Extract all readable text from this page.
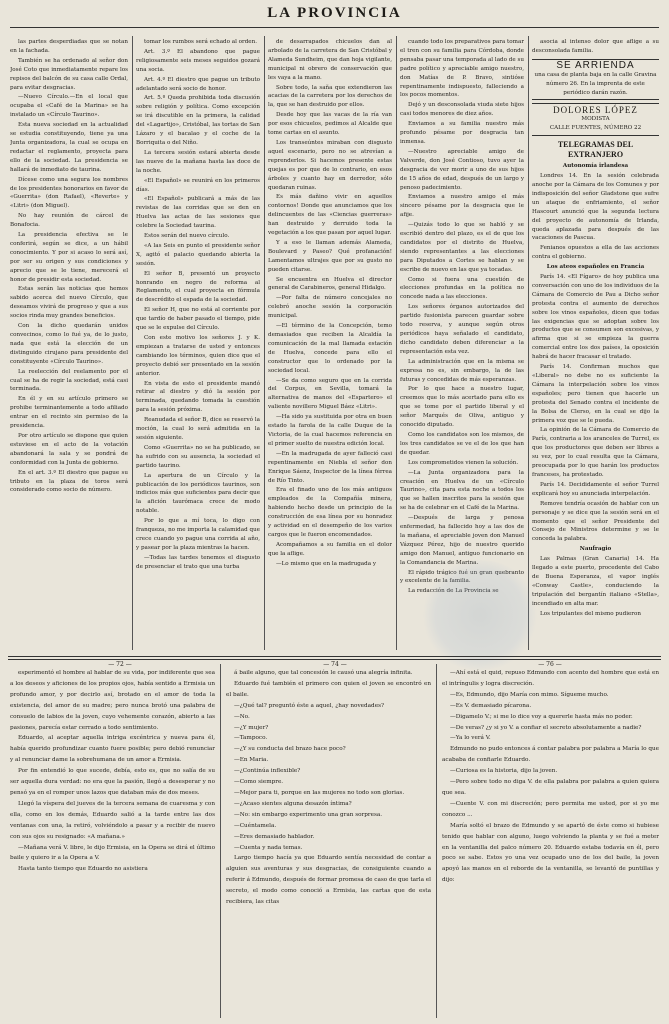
LA PROVINCIA

las partes desperdiadas que se notan en la fachada.

También se ha ordenado al señor don José Coto que inmediatamente repare los repisos del balcón de su casa calle Ordal, para evitar desgracias.

—Nuevo Círculo.—En el local que ocupaba el «Café de la Marina» se ha instalado un «Círculo Taurino».

Esta nueva sociedad en la actualidad se estudia constituyendo, tiene ya una Junta organizadora, la cual se ocupa en redactar el reglamento, proyecta para ello de la sociedad. La presidencia se hallará de inmediato de taurina.

Dícese como una segura los nombres de los presidentes honorarios en favor de «Guerrita» (don Rafael), «Reverte» y «Litri» (don Miguel).

No hay reunión de cárcel de Bonafocia.

La presidencia efectiva se le conferirá, según se dice, a un hábil conocimiento. Y por si acaso lo será así, por ser su origen y sus condiciones y aprecio que se le tiene, merecerá el honor de presidir esta sociedad.

Estas serán las noticias que hemos sabido acerca del nuevo Círculo, que deseamos vivirá de progreso y que a sus socios rinda muy grandes beneficios.

Con la dicho quedarán unidos convecinos, como lo fué ya, de lo justo, nada que está la elección de un distinguido cirujano para presidente del constituyente «Círculo Taurino».

La reelección del reelamento por el cual se ha de regir la sociedad, está casi terminada.

En él y en su artículo primero se prohibe terminantemente a todo afiliado entrar en el recinto sin permiso de la presidencia.

Por otro artículo se dispone que quien estuviese en el acto de la votación abandonará la sala y se pondrá de conformidad con la Junta de gobierno.

En el art. 3.º El diestro que pague su tributo en la plaza de toros será considerado como socio de número.

tomar los rumbos será echado al orden.

Art. 3.º El abandono que pague religiosamente seis meses seguidos gozará una socia.

Art. 4.º El diestro que pague un tributo adelantado será socio de honor.

Art. 5.º Queda prohibida toda discusión sobre religión y política. Como excepción se irá discutible en la primera, la calidad del «Lagartijo», Cristóbal, las tortas de San Lázaro y el bacalao y el coche de la Borriquita o del Niño.

La tercera sesión estará abierta desde las nueve de la mañana hasta las doce de la noche.

«El Español» se reunirá en los primeros días.

«El Español» publicará a más de las revistas de las corridas que se den en Huelva las actas de las sesiones que celebre la Sociedad taurina.

Estos serán del nuevo círculo.

«A las Seis en punto el presidente señor X, agitó el palacio quedando abierta la sesión.

El señor B, presentó un proyecto honrando en negro de reforma al Reglamento, el cual proyecta en fórmula de descrédito el espada de la sociedad.

El señor H, que no está al corriente por que tardío de haber pasado el tiempo, pide que se le expulse del Círculo.

Con este motivo los señores J. y K. empiezan a tratarse de usted y entonces cambiando los términos, quien dice que el proyecto debió ser presentado en la sesión anterior.

En vista de esto el presidente mandó retirar al diestro y dió la sesión por terminada, quedando tomada la cuestión para la sesión próxima.

Reanudada el señor B, dice se reservó la moción, la cual lo será admitida en la sesión siguiente.

Como «Guerrita» no se ha publicado, se ha sufrido con su ausencia, la sociedad el partido taurino.

La apertura de un Círculo y la publicación de los periódicos taurinos, son indicios más que suficientes para decir que la afición taurómaca crece de modo notable.

Por lo que a mí toca, lo digo con franqueza, no me importa la calamidad que crece cuando yo pague una corrida al año, y pasear por la plaza mientras la hacen.

—Todas las tardes tenemos el disgusto de presenciar el trato que una turba

de desarrapados chicuelos dan al arbolado de la carretera de San Cristóbal y Alameda Sundheim, que dan hoja vigilante, municipal ni obrero de conservación que les vaya a la mano.

Sobre todo, la saña que extendieron las acacias de la carretera por los derechos de la, que se han destruido por ellos.

Desde hoy que las vacas de la ría van por esos chicuelos, pedimos al Alcalde que tome cartas en el asunto.

Los transeúntes miraban con disgusto aquel escenario, pero no se atrevían a reprenderlos. Si hacemos presente estas quejas es por que de lo contrario, en esos árboles y cuanto hay en derredor, sólo quedaran ruinas.

Es más dañino vivir en aquellos contornos! Donde que anunciamos que los delincuentes de las «Ciencias guerreras» han destruido y derruido toda la vegetación a los que pasan por aquel lugar.

Y a eso le llaman además Alameda, Boulevard y Paseo? Qué profanación! Lamentamos ultrajes que por su gusto no pueden citarse.

Se encuentra en Huelva el director general de Carabineros, general Hidalgo.

—Por falta de número concejales no celebró anoche sesión la corporación municipal.

—El término de la Concepción, temo demasiados que reciben la Alcaldía la comunicación de la mal llamada estación de Huelva, concede para ello el constructor que lo ordenado por la sociedad local.

—Se da como seguro que en la corrida del Corpus, en Sevilla, tomará la alternativa de manos del «Espartero» el valiente novillero Miguel Báez «Litri».

—Ha sido ya sustituida por otra en buen estado la farola de la calle Duque de la Victoria, de la cual hacemos referencia en el primer suelto de nuestra edición local.

—En la madrugada de ayer falleció casi repentinamente en Niebla el señor don Enrique Sáenz, Inspector de la línea férrea de Río Tinto.

Era el finado uno de los más antiguos empleados de la Compañía minera, habiendo hecho desde un principio de la construcción de esa línea por su honradez y actividad en el desempeño de los varios cargos que le fueron encomendados.

Acompañamos a su familia en el dolor que la aflige.

—Lo mismo que en la madrugada y

cuando todo los preparativos para tomar el tren con su familia para Córdoba, donde pensaba pasar una temporada al lado de su padre político y apreciable amigo nuestro, don Matías de P. Bravo, sintióse repentinamente indispuesto, falleciendo a los pocos momentos.

Dejó y un desconsolada viuda siete hijos casi todos menores de diez años.

Enviamos a su familia nuestro más profundo pésame por desgracia tan inmensa.

—Nuestro apreciable amigo de Valverde, don José Contioso, tuvo ayer la desgracia de ver morir a uno de sus hijos de 15 años de edad, después de un largo y penoso padecimiento.

Enviamos a nuestro amigo el más sincero pésame por la desgracia que le afije.

—Quizás todo lo que se habló y se escribió dentro del plazo, es el de que los candidatos por el distrito de Huelva, siendo representantes a las elecciones para Diputados a Cortes se hablan y se escribe de nuevo en las que ya tocadas.

Como si fuera una cuestión de elecciones profundas en la política no concede nada a las elecciones.

Los señores órganos autorizados del partido fusionista parecen guardar sobre todo reserva, y aunque según otros periódicos haya señalado el candidato, dicho candidato deben diferenciar a la representación esta vez.

La administración que en la misma se expresa no es, sin embargo, la de las futuras y concedidas de más esperanzas.

Por lo que hace a nuestro lugar, creemos que lo más acertado para ello es que se tome por el partido liberal y el señor Marqués de Oliva, antiguo y conocido diputado.

Como los candidatos son los mismos, de los tres candidatos se ve el de los que han de quedar.

Los comprometidos vienen la solución.

—La Junta organizadora para la creación en Huelva de un «Círculo Taurino», cita para esta noche a todos los que se hallen inscritos para la sesión que se ha de celebrar en el Café de la Marina.

—Después de larga y penosa enfermedad, ha fallecido hoy a las dos de la mañana, el apreciable joven don Manuel Vázquez Pérez, hijo de nuestro querido amigo don Manuel, antiguo funcionario en la Comandancia de Marina.

El rápido trágico fué un gran quebranto y excelente de la familia.

La redacción de La Provincia se

asocia al intenso dolor que aflige a su desconsolada familia.

SE ARRIENDA
una casa de planta baja en la calle Gravina número 26. En la imprenta de este periódico darán razón.
DOLORES LÓPEZ
MODISTA
CALLE FUENTES, NÚMERO 22
TELEGRAMAS DEL EXTRANJERO
Autonomía irlandesa

Londres 14. En la sesión celebrada anoche por la Cámara de los Comunes y por indisposición del señor Gladstone que sufre un ataque de enfriamiento, el señor Hascourt anunció que la segunda lectura del proyecto de autonomía de Irlanda, queda aplazada para después de las vacaciones de Pascua.

Fenianos opuestos a ella de las acciones contra el gobierno.

Los ateos españoles en Francia

París 14. «El Fígaro» de hoy publica una conversación con uno de los individuos de la Cámara de Comercio de Pau a Dicho señor protesta contra el aumento de derechos sobre los vinos españoles, dicen que todas las exigencias que se adoptan sobre los productos que se consumen son excesivas, y afirma que si se empieza la guerra comercial entre los dos países, la oposición habrá de hacer fracasar el tratado.

París 14. Confirman muchos que «Liberal» no debe no es suficiente la Cámara la interpelación sobre los vinos españoles; pero tienen que hacerle un protesta del Senado contra el incidente de la Bolsa de Clerso, en la cual se dijo la primera voz que se le pueda.

La opinión de la Cámara de Comercio de París, contraria a los aranceles de Turrel, es que los productores que deben ser libres a su vez, por lo cual resulta que la Cámara, preocupada por lo que harán los productos franceses, ha protestado.

París 14. Decididamente el señor Turrel explicará hoy su anunciada interpelación.

Remove tendría ocasión de hablar con un personaje y se dice que la sesión será en el momento que el señor Presidente del Consejo de Ministros determine y se le conceda la palabra.

Naufragio

Las Palmas (Gran Canaria) 14. Ha llegado a este puerto, procedente del Cabo de Buena Esperanza, el vapor inglés «Conway Castle», conduciendo la tripulación del bergantín italiano «Stella», incendiado en alta mar.

Los tripulantes del mismo pudieron

— 72 —	— 74 —	— 76 —

esperimentó el hombre al hablar de su vida, por indiferente que sea a los deseos y aficiones de los propios ojos, había sentido a Ermisia un profundo amor, y por decirlo así, brotado en el amor de toda la existencia, del amor de su madre; pero nunca brotó una palabra de consuelo de labios de la joven, cuyo vehemente corazón, abierto a las pasiones, parecía estar cerrado a todo sentimiento.

Eduardo, al aceptar aquella intriga excéntrica y nueva para él, había querido profundizar cuanto fuere posible; pero debió renunciar y al renunciar dame la sobrehumana de un amor a Ermisia.

Por fin entendió lo que sucede, debía, esto es, que no salía de su ser aquella dura verdad: no era que la pasión, llegó a desesperar y no pensó ya en el romper unos lazos que databan más de dos meses.

Llegó la víspera del jueves de la tercera semana de cuaresma y con ella, como en los demás, Eduardo salió a la tarde entre las dos ventanas con una, la retiró, volviéndolo a pasar y a recibir de nuevo con sus ojos su resignado: «A mañana.»

—Mañana verá V. libre, le dijo Ermisia, en la Opera se dirá el último baile y quiero ir a la Opera a V.

Hasta tanto tiempo que Eduardo no asistiera

á baile alguno, que tal concesión le causó una alegría infinita.

Eduardo fué también el primero con quien el joven se encontró en el baile.

—¿Qué tal? preguntó éste a aquel, ¿hay novedades?

—No.

—¿Y mujer?

—Tampoco.

—¿Y su conducta del brazo hace poco?

—En Maria.

—¿Continúa inflexible?

—Como siempre.

—Mejor para ti, porque en las mujeres no todo son glorias.

—¿Acaso sientes alguna desazón íntima?

—No: sin embargo experimento una gran sorpresa.

—Cuéntamela.

—Eres demasiado hablador.

—Cuenta y nada temas.

Largo tiempo hacía ya que Eduardo sentía necesidad de contar a alguien sus aventuras y sus desgracias, de consiguiente cuando a referir á Edmundo, después de formar promesa de caso de que tarla el secreto, el modo como conoció a Ermisia, las cartas que de esta recibiera, las citas

—Ahí está el quid, repuso Edmundo con acento del hombre que está en el intríngulis y logra discreción.

—Es, Edmundo, dijo María con mimo. Sígueme mucho.

—Es V. demasiado pícarona.

—Digamelo V.; si me lo dice voy a quererle hasta más no poder.

—De veras? ¿y si yo V. a confiar el secreto absolutamente a nadie?

—Ya lo verá V.

Edmundo no pudo entonces á contar palabra por palabra a María lo que acababa de confiarle Eduardo.

—Curiosa es la historia, dijo la joven.

—Pero sobre todo no diga V. de ella palabra por palabra a quien quiera que sea.

—Cuente V. con mi discreción; pero permita me usted, por si yo me conozco ...

María soltó el brazo de Edmundo y se apartó de éste como si hubiese tenido que hablar con alguno, luego volviendo la planta y se fué a meter en la ventanilla del palco número 20. Eduardo estaba todavía en él, pero poco se sabe. Estos yo una vez ocupado uno de los del baile, la joven apoyó las manos en el reborde de la ventanilla, se levantó de puntillas y dijo:
